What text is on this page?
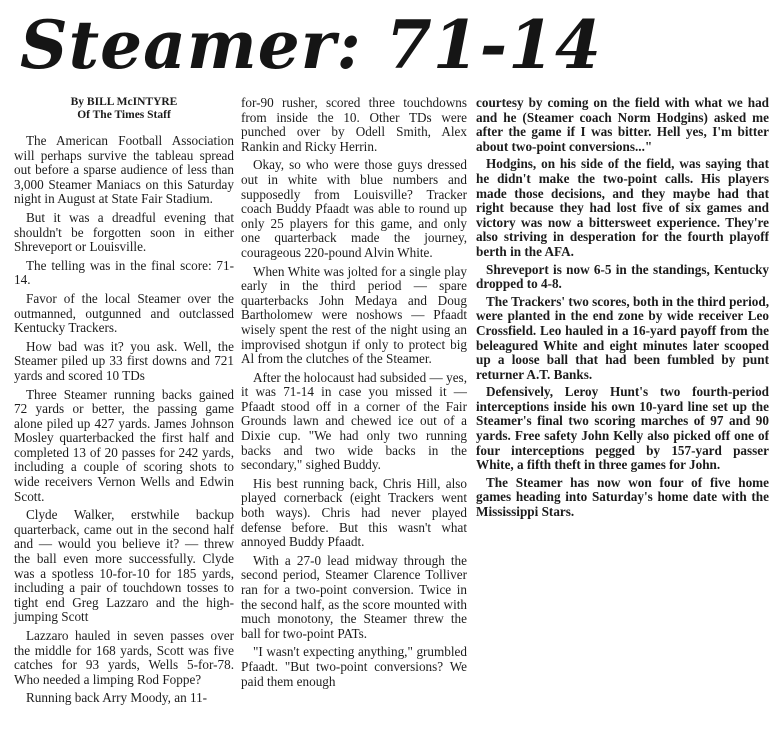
Steamer: 71-14
By BILL McINTYRE
Of The Times Staff

The American Football Association will perhaps survive the tableau spread out before a sparse audience of less than 3,000 Steamer Maniacs on this Saturday night in August at State Fair Stadium.

But it was a dreadful evening that shouldn't be forgotten soon in either Shreveport or Louisville.

The telling was in the final score: 71-14.

Favor of the local Steamer over the outmanned, outgunned and outclassed Kentucky Trackers.

How bad was it? you ask. Well, the Steamer piled up 33 first downs and 721 yards and scored 10 TDs

Three Steamer running backs gained 72 yards or better, the passing game alone piled up 427 yards. James Johnson Mosley quarterbacked the first half and completed 13 of 20 passes for 242 yards, including a couple of scoring shots to wide receivers Vernon Wells and Edwin Scott.

Clyde Walker, erstwhile backup quarterback, came out in the second half and — would you believe it? — threw the ball even more successfully. Clyde was a spotless 10-for-10 for 185 yards, including a pair of touchdown tosses to tight end Greg Lazzaro and the high-jumping Scott

Lazzaro hauled in seven passes over the middle for 168 yards, Scott was five catches for 93 yards, Wells 5-for-78. Who needed a limping Rod Foppe?

Running back Arry Moody, an 11-

for-90 rusher, scored three touchdowns from inside the 10. Other TDs were punched over by Odell Smith, Alex Rankin and Ricky Herrin.

Okay, so who were those guys dressed out in white with blue numbers and supposedly from Louisville? Tracker coach Buddy Pfaadt was able to round up only 25 players for this game, and only one quarterback made the journey, courageous 220-pound Alvin White.

When White was jolted for a single play early in the third period — spare quarterbacks John Medaya and Doug Bartholomew were noshows — Pfaadt wisely spent the rest of the night using an improvised shotgun if only to protect big Al from the clutches of the Steamer.

After the holocaust had subsided — yes, it was 71-14 in case you missed it — Pfaadt stood off in a corner of the Fair Grounds lawn and chewed ice out of a Dixie cup. "We had only two running backs and two wide backs in the secondary," sighed Buddy.

His best running back, Chris Hill, also played cornerback (eight Trackers went both ways). Chris had never played defense before. But this wasn't what annoyed Buddy Pfaadt.

With a 27-0 lead midway through the second period, Steamer Clarence Tolliver ran for a two-point conversion. Twice in the second half, as the score mounted with much monotony, the Steamer threw the ball for two-point PATs.

"I wasn't expecting anything," grumbled Pfaadt. "But two-point conversions? We paid them enough

courtesy by coming on the field with what we had and he (Steamer coach Norm Hodgins) asked me after the game if I was bitter. Hell yes, I'm bitter about two-point conversions..."

Hodgins, on his side of the field, was saying that he didn't make the two-point calls. His players made those decisions, and they maybe had that right because they had lost five of six games and victory was now a bittersweet experience. They're also striving in desperation for the fourth playoff berth in the AFA.

Shreveport is now 6-5 in the standings, Kentucky dropped to 4-8.

The Trackers' two scores, both in the third period, were planted in the end zone by wide receiver Leo Crossfield. Leo hauled in a 16-yard payoff from the beleagured White and eight minutes later scooped up a loose ball that had been fumbled by punt returner A.T. Banks.

Defensively, Leroy Hunt's two fourth-period interceptions inside his own 10-yard line set up the Steamer's final two scoring marches of 97 and 90 yards. Free safety John Kelly also picked off one of four interceptions pegged by 157-yard passer White, a fifth theft in three games for John.

The Steamer has now won four of five home games heading into Saturday's home date with the Mississippi Stars.
